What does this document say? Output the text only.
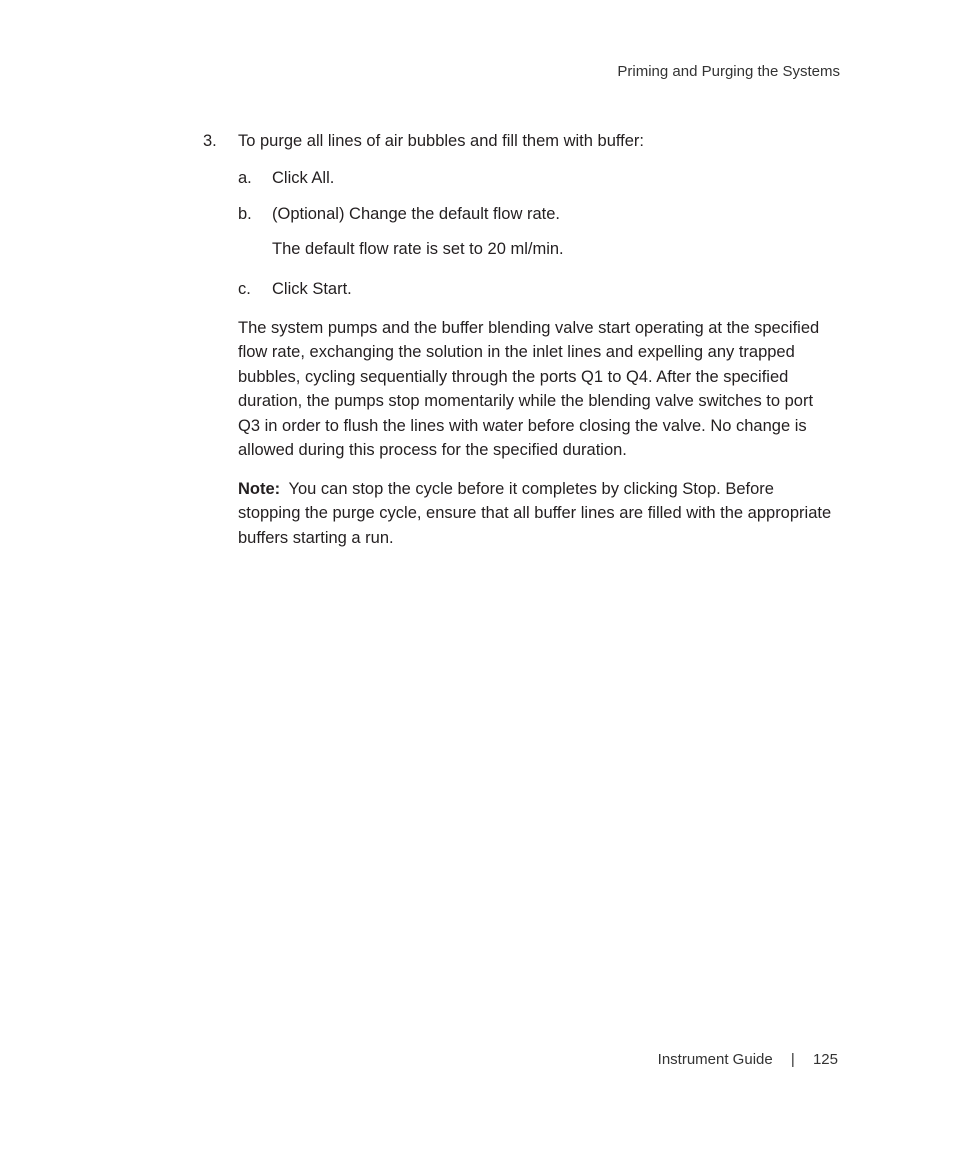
Priming and Purging the Systems
3. To purge all lines of air bubbles and fill them with buffer:
a. Click All.
b. (Optional) Change the default flow rate.
The default flow rate is set to 20 ml/min.
c. Click Start.
The system pumps and the buffer blending valve start operating at the specified flow rate, exchanging the solution in the inlet lines and expelling any trapped bubbles, cycling sequentially through the ports Q1 to Q4. After the specified duration, the pumps stop momentarily while the blending valve switches to port Q3 in order to flush the lines with water before closing the valve. No change is allowed during this process for the specified duration.
Note: You can stop the cycle before it completes by clicking Stop. Before stopping the purge cycle, ensure that all buffer lines are filled with the appropriate buffers starting a run.
Instrument Guide | 125
